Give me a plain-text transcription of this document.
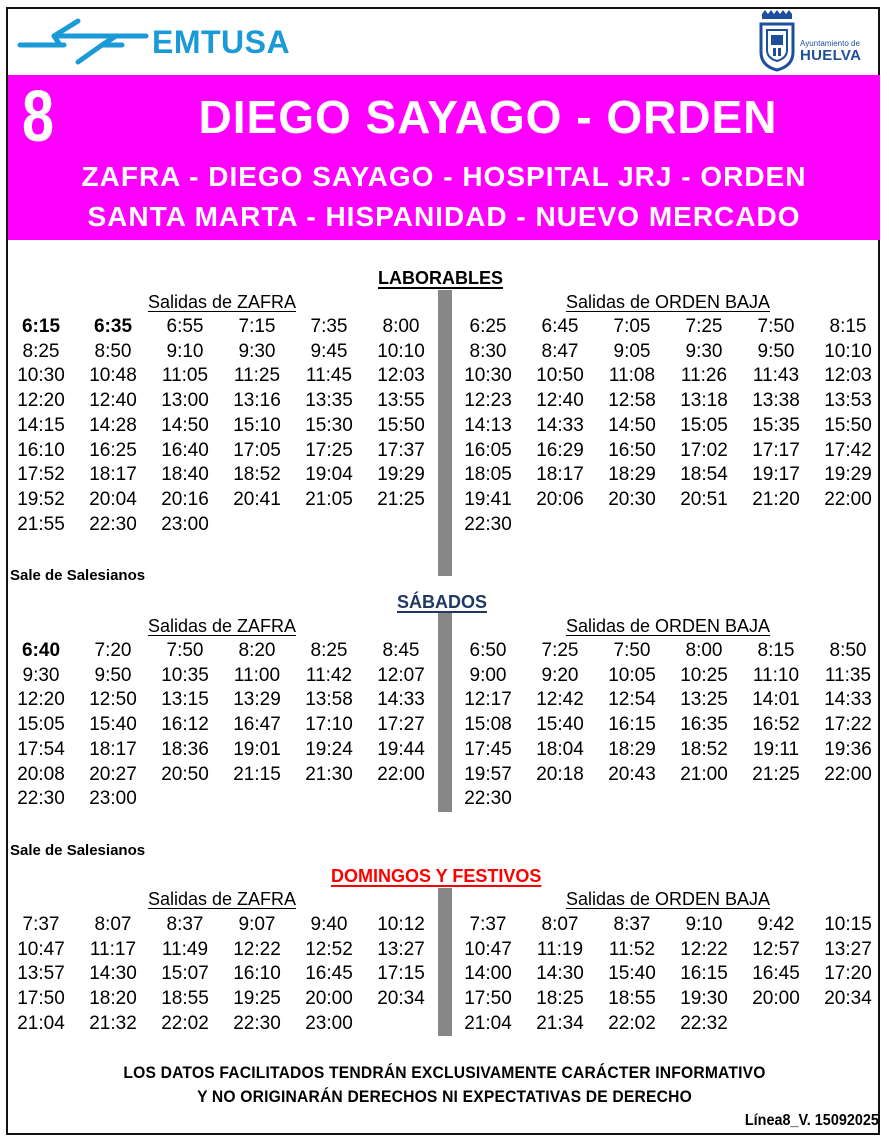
EMTUSA	Ayuntamiento de
HUELVA
8	DIEGO SAYAGO - ORDEN
ZAFRA - DIEGO SAYAGO - HOSPITAL JRJ - ORDEN
SANTA MARTA - HISPANIDAD - NUEVO MERCADO
LABORABLES
Salidas de ZAFRA	Salidas de ORDEN BAJA
6:15	6:35	6:55	7:15	7:35	8:00
8:25	8:50	9:10	9:30	9:45	10:10
10:30	10:48	11:05	11:25	11:45	12:03
12:20	12:40	13:00	13:16	13:35	13:55
14:15	14:28	14:50	15:10	15:30	15:50
16:10	16:25	16:40	17:05	17:25	17:37
17:52	18:17	18:40	18:52	19:04	19:29
19:52	20:04	20:16	20:41	21:05	21:25
21:55	22:30	23:00
6:25	6:45	7:05	7:25	7:50	8:15
8:30	8:47	9:05	9:30	9:50	10:10
10:30	10:50	11:08	11:26	11:43	12:03
12:23	12:40	12:58	13:18	13:38	13:53
14:13	14:33	14:50	15:05	15:35	15:50
16:05	16:29	16:50	17:02	17:17	17:42
18:05	18:17	18:29	18:54	19:17	19:29
19:41	20:06	20:30	20:51	21:20	22:00
22:30
Sale de Salesianos
SÁBADOS
Salidas de ZAFRA	Salidas de ORDEN BAJA
6:40	7:20	7:50	8:20	8:25	8:45
9:30	9:50	10:35	11:00	11:42	12:07
12:20	12:50	13:15	13:29	13:58	14:33
15:05	15:40	16:12	16:47	17:10	17:27
17:54	18:17	18:36	19:01	19:24	19:44
20:08	20:27	20:50	21:15	21:30	22:00
22:30	23:00
6:50	7:25	7:50	8:00	8:15	8:50
9:00	9:20	10:05	10:25	11:10	11:35
12:17	12:42	12:54	13:25	14:01	14:33
15:08	15:40	16:15	16:35	16:52	17:22
17:45	18:04	18:29	18:52	19:11	19:36
19:57	20:18	20:43	21:00	21:25	22:00
22:30
Sale de Salesianos
DOMINGOS Y FESTIVOS
Salidas de ZAFRA	Salidas de ORDEN BAJA
7:37	8:07	8:37	9:07	9:40	10:12
10:47	11:17	11:49	12:22	12:52	13:27
13:57	14:30	15:07	16:10	16:45	17:15
17:50	18:20	18:55	19:25	20:00	20:34
21:04	21:32	22:02	22:30	23:00
7:37	8:07	8:37	9:10	9:42	10:15
10:47	11:19	11:52	12:22	12:57	13:27
14:00	14:30	15:40	16:15	16:45	17:20
17:50	18:25	18:55	19:30	20:00	20:34
21:04	21:34	22:02	22:32
LOS DATOS FACILITADOS TENDRÁN EXCLUSIVAMENTE CARÁCTER INFORMATIVO
Y NO ORIGINARÁN DERECHOS NI EXPECTATIVAS DE DERECHO
Línea8_V. 15092025
